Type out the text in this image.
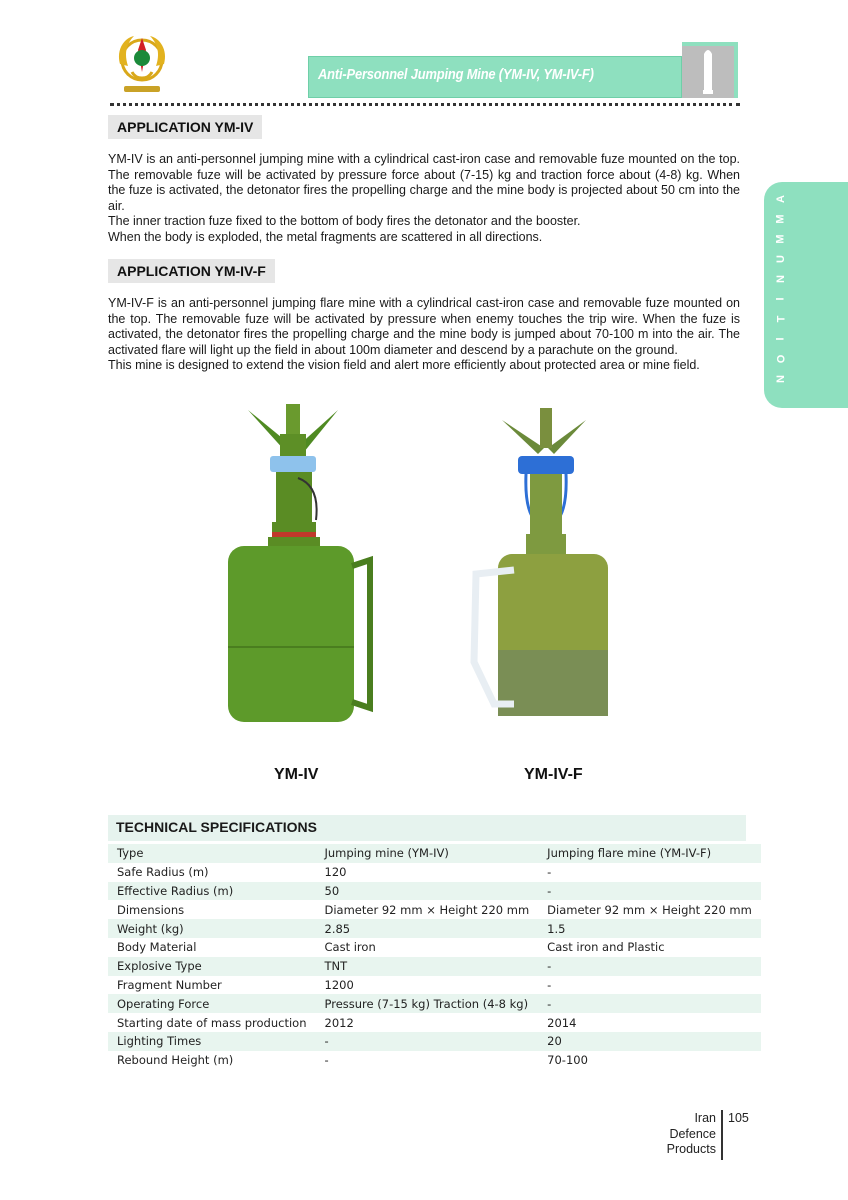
Anti-Personnel Jumping Mine (YM-IV, YM-IV-F)
A
M
M
U
N
I
T
I
O
N
APPLICATION YM-IV

YM-IV is an anti-personnel jumping mine with a cylindrical cast-iron case and removable fuze mounted on the top. The removable fuze will be activated by pressure force about (7-15) kg and traction force about (4-8) kg. When the fuze is activated, the detonator fires the propelling charge and the mine body is projected about 50 cm into the air.

The inner traction fuze fixed to the bottom of body fires the detonator and the booster.

When the body is exploded, the metal fragments are scattered in all directions.

APPLICATION YM-IV-F

YM-IV-F is an anti-personnel jumping flare mine with a cylindrical cast-iron case and removable fuze mounted on the top. The removable fuze will be activated by pressure when enemy touches the trip wire. When the fuze is activated, the detonator fires the propelling charge and the mine body is jumped about 70-100 m into the air. The activated flare will light up the field in about 100m diameter and descend by a parachute on the ground.

This mine is designed to extend the vision field and alert more efficiently about protected area or mine field.

YM-IV	YM-IV-F
TECHNICAL SPECIFICATIONS
Type	Jumping mine (YM-IV)	Jumping flare mine (YM-IV-F)
Safe Radius (m)	120	-
Effective Radius (m)	50	-
Dimensions	Diameter 92 mm × Height 220 mm	Diameter 92 mm × Height 220 mm
Weight (kg)	2.85	1.5
Body Material	Cast iron	Cast iron and Plastic
Explosive Type	TNT	-
Fragment Number	1200	-
Operating Force	Pressure (7-15 kg) Traction (4-8 kg)	-
Starting date of mass production	2012	2014
Lighting Times	-	20
Rebound Height (m)	-	70-100
Iran
Defence
Products
105
